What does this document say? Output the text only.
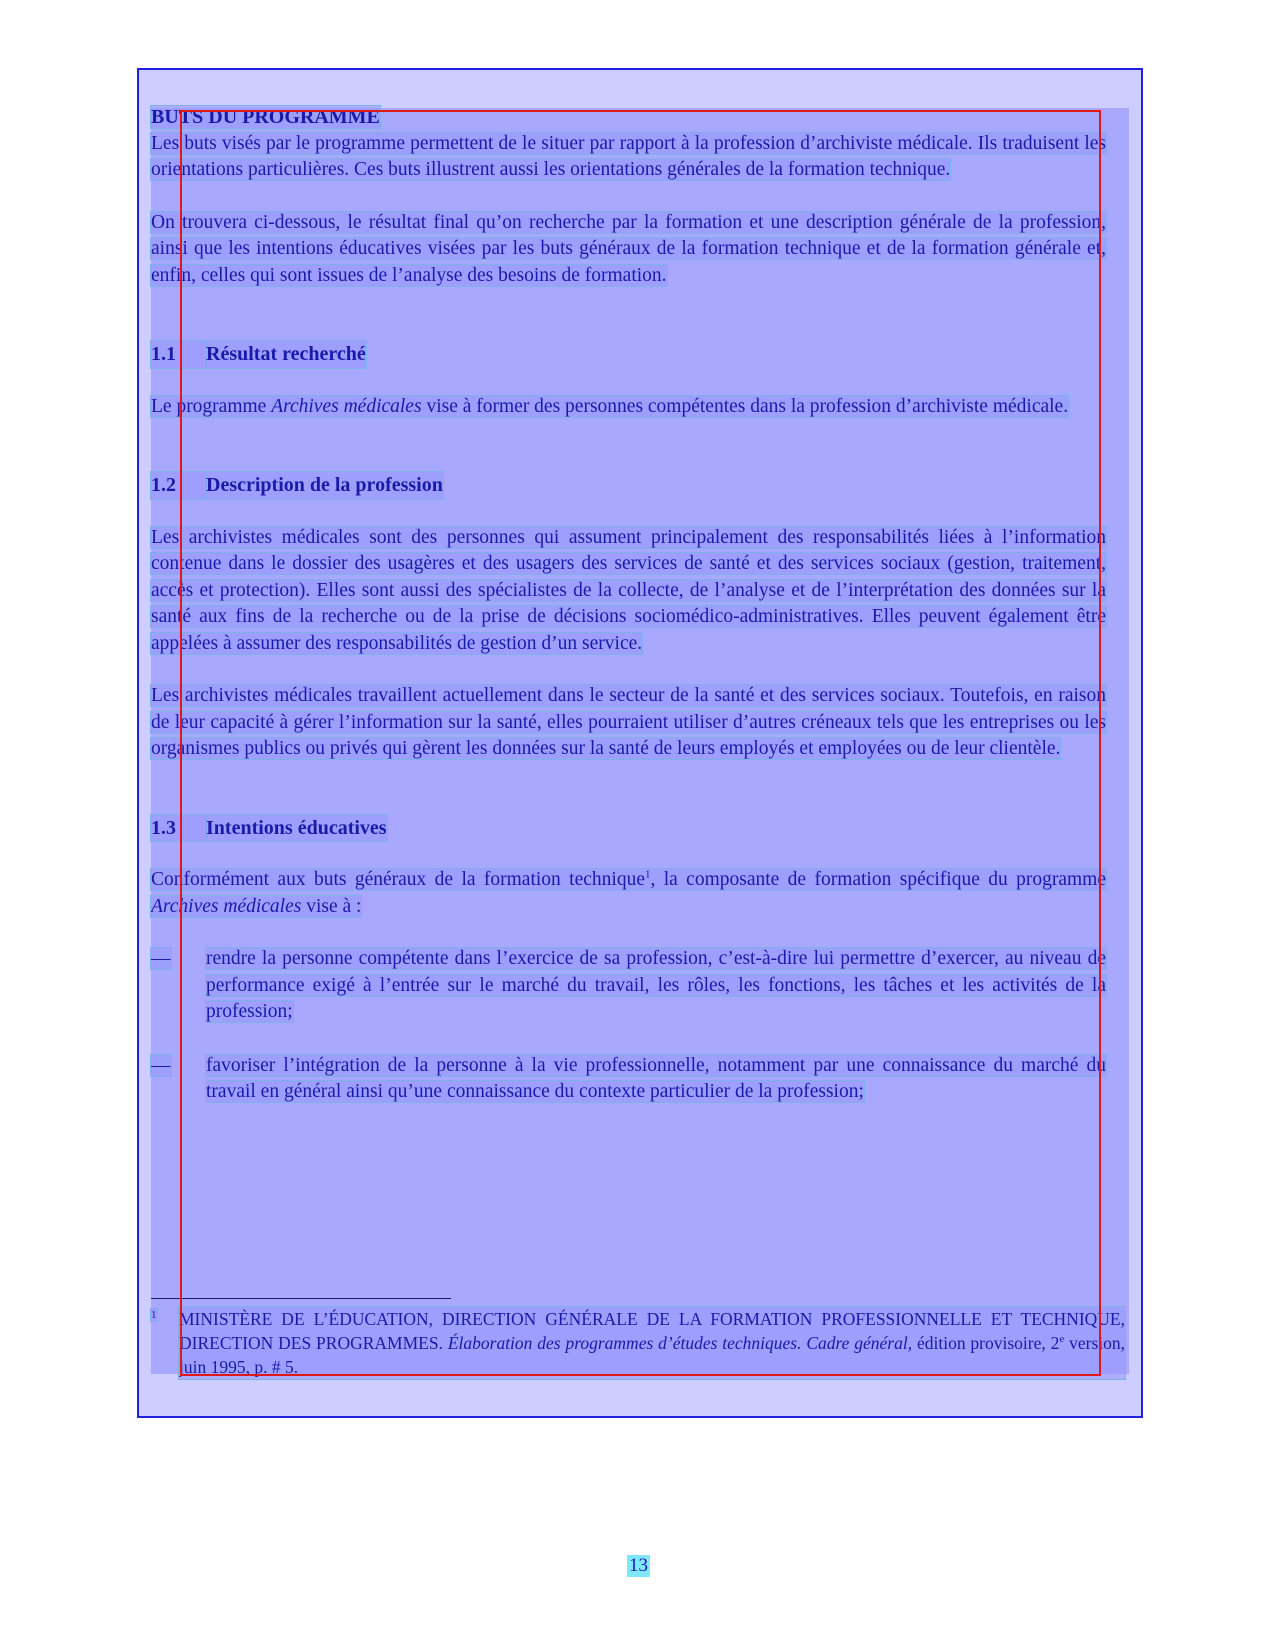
BUTS DU PROGRAMME

Les buts visés par le programme permettent de le situer par rapport à la profession d’archiviste médicale. Ils traduisent les orientations particulières. Ces buts illustrent aussi les orientations générales de la formation technique.

On trouvera ci-dessous, le résultat final qu’on recherche par la formation et une description générale de la profession, ainsi que les intentions éducatives visées par les buts généraux de la formation technique et de la formation générale et, enfin, celles qui sont issues de l’analyse des besoins de formation.

1.1	Résultat recherché

Le programme Archives médicales vise à former des personnes compétentes dans la profession d’archiviste médicale.

1.2	Description de la profession

Les archivistes médicales sont des personnes qui assument principalement des responsabilités liées à l’information contenue dans le dossier des usagères et des usagers des services de santé et des services sociaux (gestion, traitement, accès et protection). Elles sont aussi des spécialistes de la collecte, de l’analyse et de l’interprétation des données sur la santé aux fins de la recherche ou de la prise de décisions sociomédico-administratives. Elles peuvent également être appelées à assumer des responsabilités de gestion d’un service.

Les archivistes médicales travaillent actuellement dans le secteur de la santé et des services sociaux. Toutefois, en raison de leur capacité à gérer l’information sur la santé, elles pourraient utiliser d’autres créneaux tels que les entreprises ou les organismes publics ou privés qui gèrent les données sur la santé de leurs employés et employées ou de leur clientèle.

1.3	Intentions éducatives

Conformément aux buts généraux de la formation technique$^1$, la composante de formation spécifique du programme Archives médicales vise à :

—	rendre la personne compétente dans l’exercice de sa profession, c’est-à-dire lui permettre d’exercer, au niveau de performance exigé à l’entrée sur le marché du travail, les rôles, les fonctions, les tâches et les activités de la profession;
—	favoriser l’intégration de la personne à la vie professionnelle, notamment par une connaissance du marché du travail en général ainsi qu’une connaissance du contexte particulier de la profession;
1	MINISTÈRE DE L’ÉDUCATION, DIRECTION GÉNÉRALE DE LA FORMATION PROFESSIONNELLE ET TECHNIQUE, DIRECTION DES PROGRAMMES. Élaboration des programmes d’études techniques. Cadre général, édition provisoire, 2e version, juin 1995, p. # 5.
13
